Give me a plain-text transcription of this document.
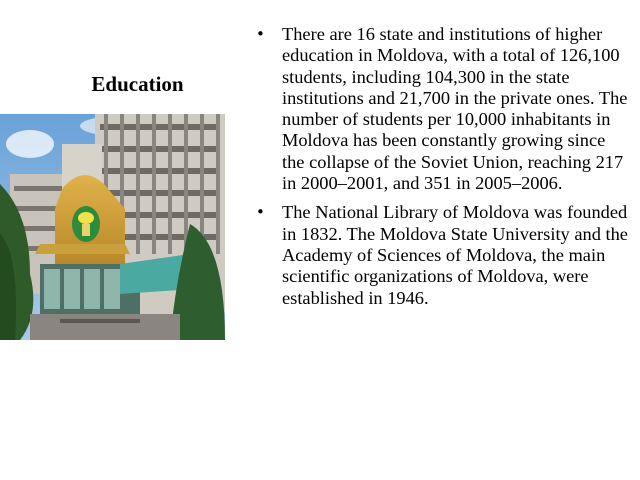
Education
• There are 16 state and institutions of higher education in Moldova, with a total of 126,100 students, including 104,300 in the state institutions and 21,700 in the private ones. The number of students per 10,000 inhabitants in Moldova has been constantly growing since the collapse of the Soviet Union, reaching 217 in 2000–2001, and 351 in 2005–2006.
• The National Library of Moldova was founded in 1832. The Moldova State University and the Academy of Sciences of Moldova, the main scientific organizations of Moldova, were established in 1946.
